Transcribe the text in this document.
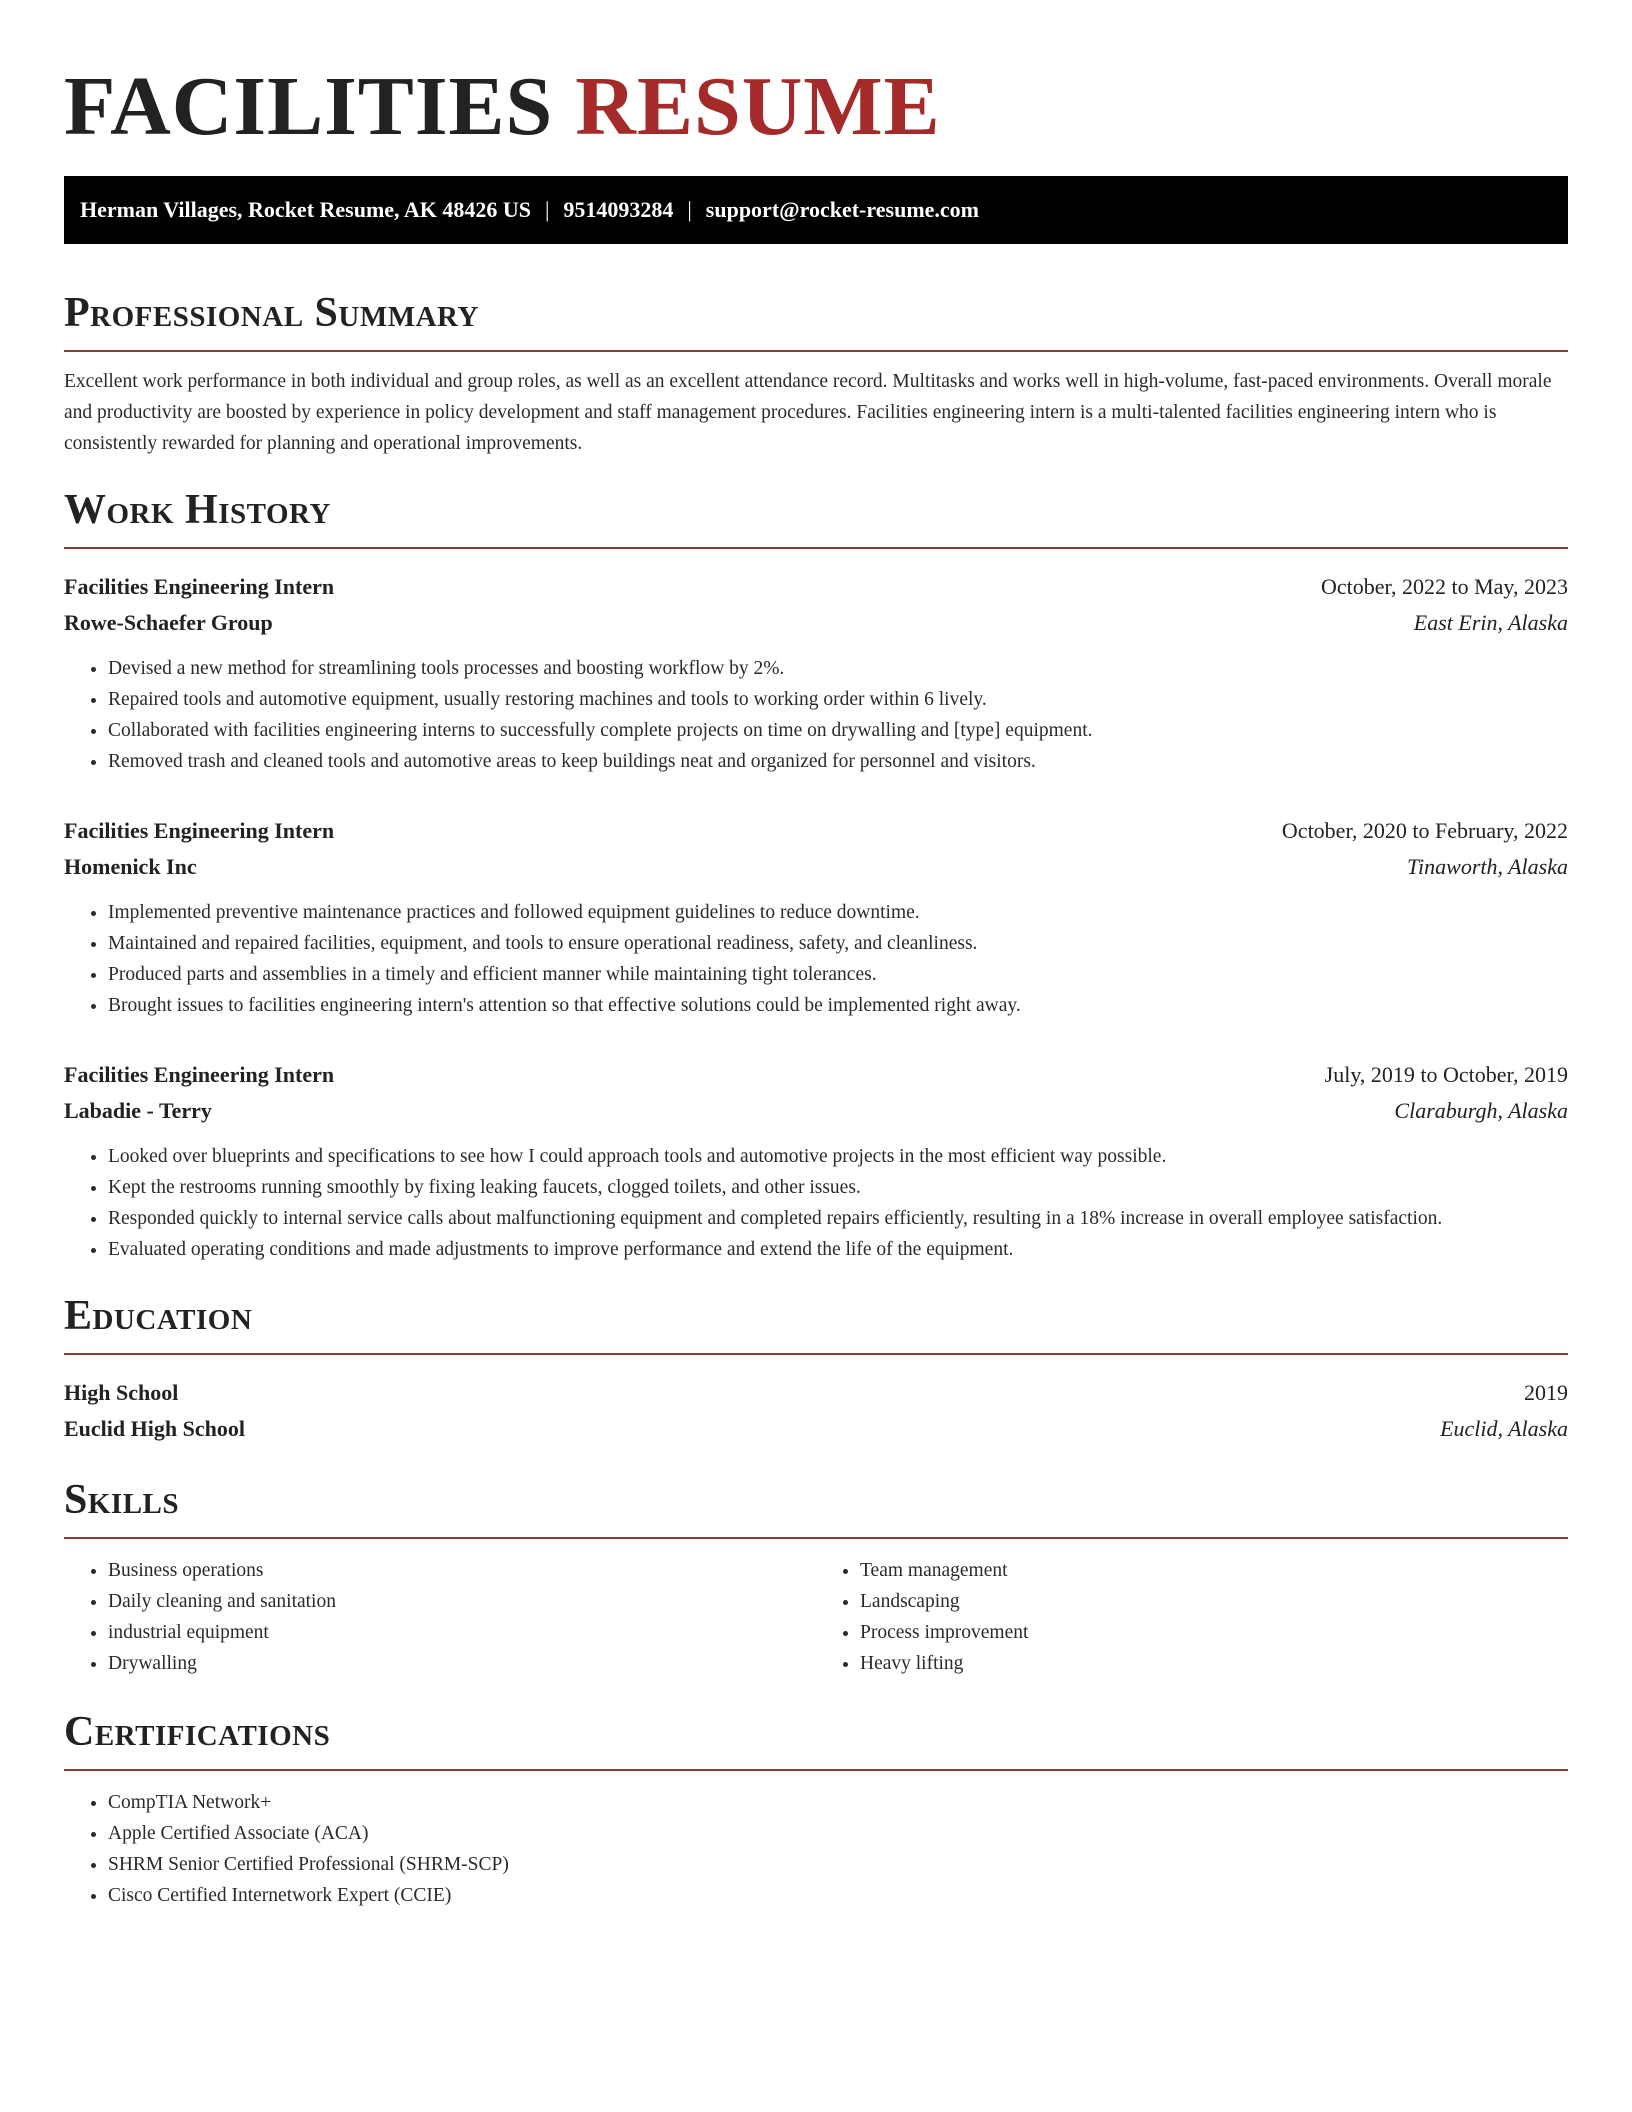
FACILITIES RESUME
Herman Villages, Rocket Resume, AK 48426 US | 9514093284 | support@rocket-resume.com
Professional Summary

Excellent work performance in both individual and group roles, as well as an excellent attendance record. Multitasks and works well in high-volume, fast-paced environments. Overall morale and productivity are boosted by experience in policy development and staff management procedures. Facilities engineering intern is a multi-talented facilities engineering intern who is consistently rewarded for planning and operational improvements.

Work History
Facilities Engineering Intern	October, 2022 to May, 2023
Rowe-Schaefer Group	East Erin, Alaska
• Devised a new method for streamlining tools processes and boosting workflow by 2%.
• Repaired tools and automotive equipment, usually restoring machines and tools to working order within 6 lively.
• Collaborated with facilities engineering interns to successfully complete projects on time on drywalling and [type] equipment.
• Removed trash and cleaned tools and automotive areas to keep buildings neat and organized for personnel and visitors.
Facilities Engineering Intern	October, 2020 to February, 2022
Homenick Inc	Tinaworth, Alaska
• Implemented preventive maintenance practices and followed equipment guidelines to reduce downtime.
• Maintained and repaired facilities, equipment, and tools to ensure operational readiness, safety, and cleanliness.
• Produced parts and assemblies in a timely and efficient manner while maintaining tight tolerances.
• Brought issues to facilities engineering intern's attention so that effective solutions could be implemented right away.
Facilities Engineering Intern	July, 2019 to October, 2019
Labadie - Terry	Claraburgh, Alaska
• Looked over blueprints and specifications to see how I could approach tools and automotive projects in the most efficient way possible.
• Kept the restrooms running smoothly by fixing leaking faucets, clogged toilets, and other issues.
• Responded quickly to internal service calls about malfunctioning equipment and completed repairs efficiently, resulting in a 18% increase in overall employee satisfaction.
• Evaluated operating conditions and made adjustments to improve performance and extend the life of the equipment.
Education
High School	2019
Euclid High School	Euclid, Alaska
Skills
• Business operations
• Daily cleaning and sanitation
• industrial equipment
• Drywalling
• Team management
• Landscaping
• Process improvement
• Heavy lifting
Certifications
• CompTIA Network+
• Apple Certified Associate (ACA)
• SHRM Senior Certified Professional (SHRM-SCP)
• Cisco Certified Internetwork Expert (CCIE)
